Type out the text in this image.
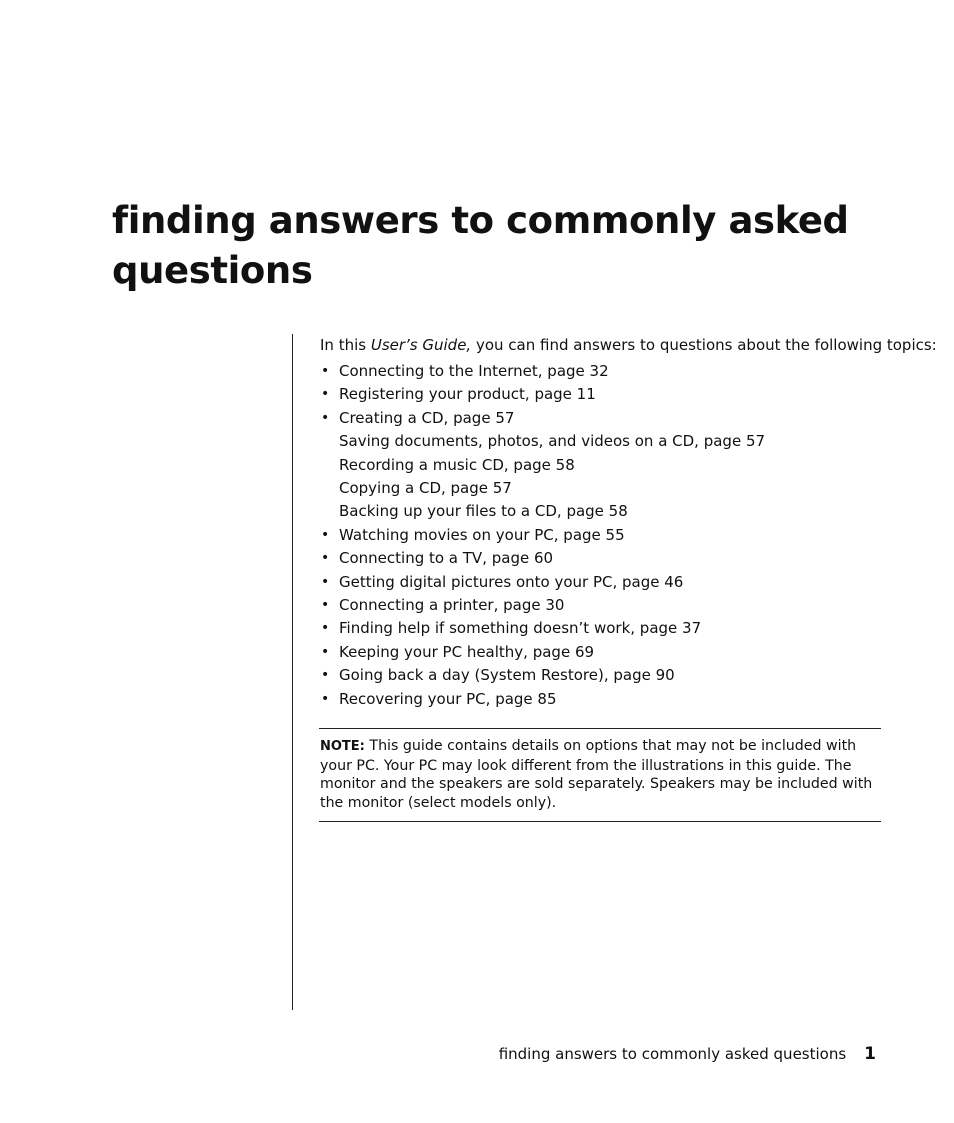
finding answers to commonly asked questions

In this User’s Guide, you can find answers to questions about the following topics:

• Connecting to the Internet, page 32
• Registering your product, page 11
• Creating a CD, page 57
Saving documents, photos, and videos on a CD, page 57
Recording a music CD, page 58
Copying a CD, page 57
Backing up your files to a CD, page 58
• Watching movies on your PC, page 55
• Connecting to a TV, page 60
• Getting digital pictures onto your PC, page 46
• Connecting a printer, page 30
• Finding help if something doesn’t work, page 37
• Keeping your PC healthy, page 69
• Going back a day (System Restore), page 90
• Recovering your PC, page 85
NOTE: This guide contains details on options that may not be included with your PC. Your PC may look different from the illustrations in this guide. The monitor and the speakers are sold separately. Speakers may be included with the monitor (select models only).
finding answers to commonly asked questions 1
